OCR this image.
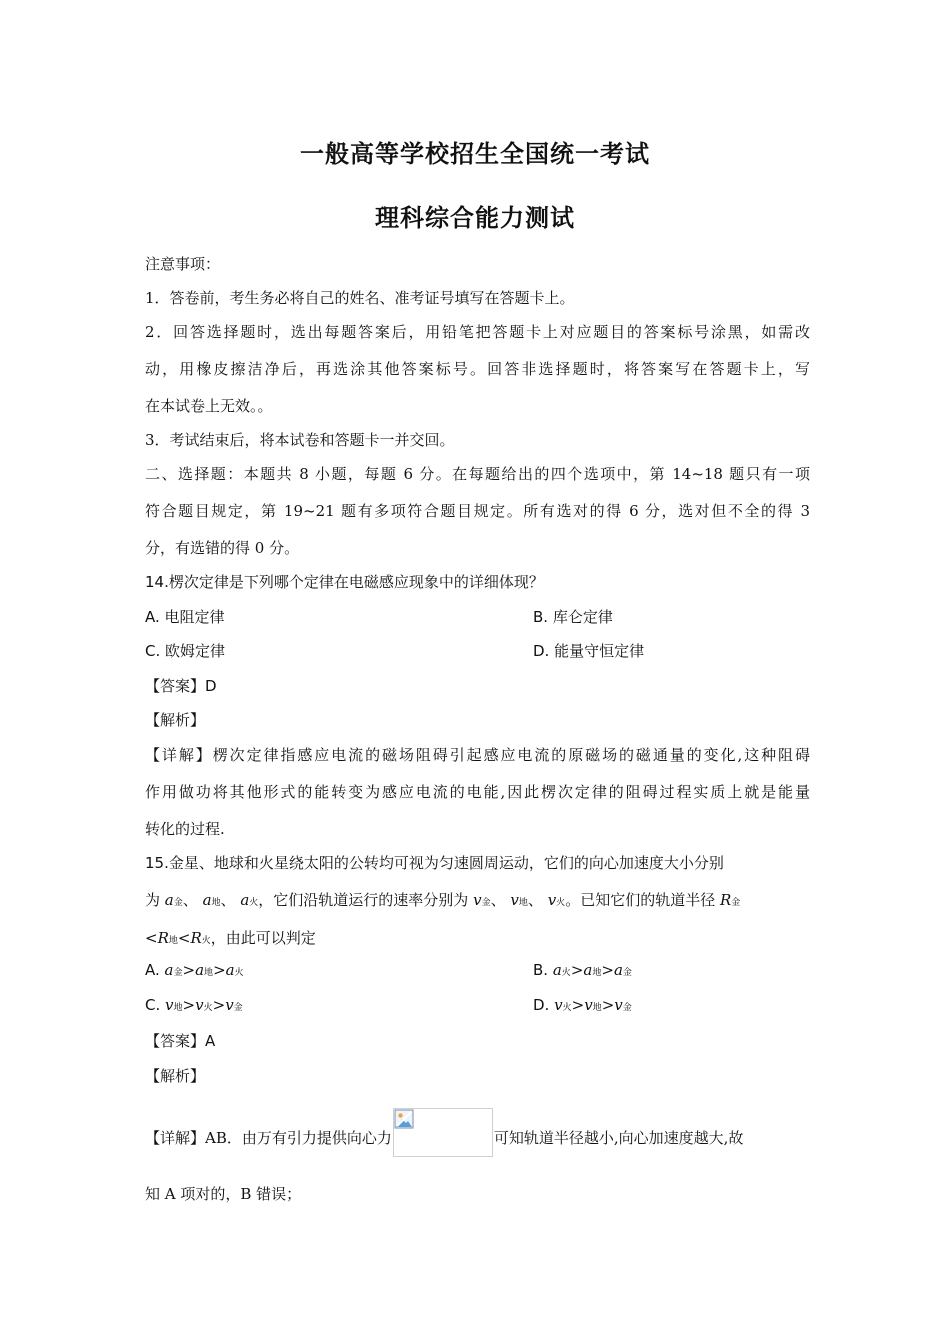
一般高等学校招生全国统一考试
理科综合能力测试
注意事项：
1．答卷前，考生务必将自己的姓名、准考证号填写在答题卡上。
2．回答选择题时，选出每题答案后，用铅笔把答题卡上对应题目的答案标号涂黑，如需改
动，用橡皮擦洁净后，再选涂其他答案标号。回答非选择题时，将答案写在答题卡上，写
在本试卷上无效。。
3．考试结束后，将本试卷和答题卡一并交回。
二、选择题：本题共 8 小题，每题 6 分。在每题给出的四个选项中，第 14~18 题只有一项
符合题目规定，第 19~21 题有多项符合题目规定。所有选对的得 6 分，选对但不全的得 3
分，有选错的得 0 分。
14.楞次定律是下列哪个定律在电磁感应现象中的详细体现？
A. 电阻定律	B. 库仑定律
C. 欧姆定律	D. 能量守恒定律
【答案】D
【解析】
【详解】楞次定律指感应电流的磁场阻碍引起感应电流的原磁场的磁通量的变化,这种阻碍
作用做功将其他形式的能转变为感应电流的电能,因此楞次定律的阻碍过程实质上就是能量
转化的过程.
15.金星、地球和火星绕太阳的公转均可视为匀速圆周运动，它们的向心加速度大小分别
为 a金、 a地、 a火，它们沿轨道运行的速率分别为 v金、 v地、 v火。已知它们的轨道半径 R金
<R地<R火，由此可以判定
A. a金>a地>a火	B. a火>a地>a金
C. v地>v火>v金	D. v火>v地>v金
【答案】A
【解析】
【详解】AB．由万有引力提供向心力	可知轨道半径越小,向心加速度越大,故
知 A 项对的，B 错误；
